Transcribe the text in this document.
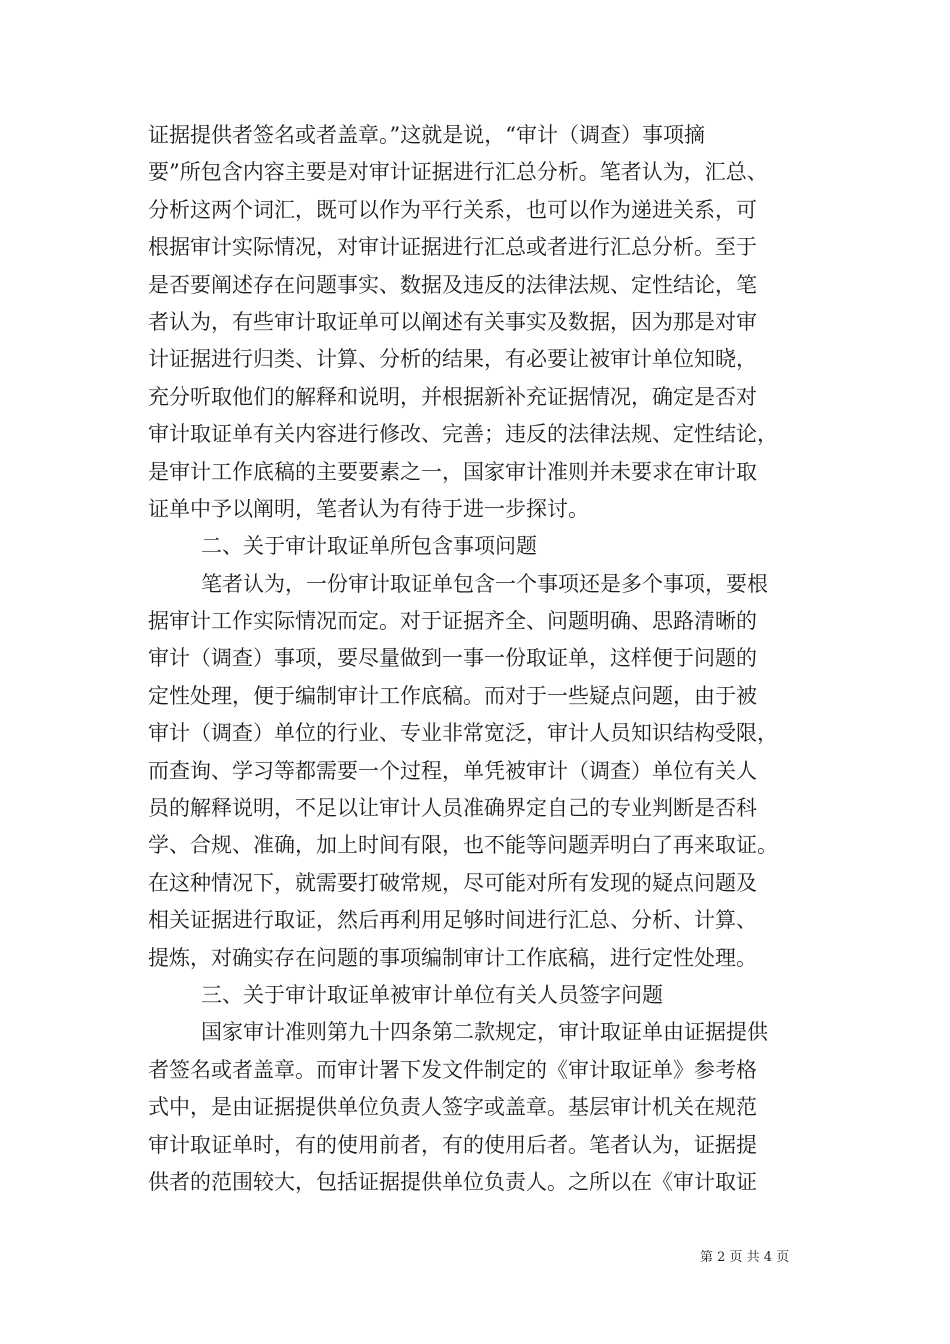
证据提供者签名或者盖章。”这就是说，“审计（调查）事项摘
要”所包含内容主要是对审计证据进行汇总分析。笔者认为，汇总、
分析这两个词汇，既可以作为平行关系，也可以作为递进关系，可
根据审计实际情况，对审计证据进行汇总或者进行汇总分析。至于
是否要阐述存在问题事实、数据及违反的法律法规、定性结论，笔
者认为，有些审计取证单可以阐述有关事实及数据，因为那是对审
计证据进行归类、计算、分析的结果，有必要让被审计单位知晓，
充分听取他们的解释和说明，并根据新补充证据情况，确定是否对
审计取证单有关内容进行修改、完善；违反的法律法规、定性结论，
是审计工作底稿的主要要素之一，国家审计准则并未要求在审计取
证单中予以阐明，笔者认为有待于进一步探讨。
二、关于审计取证单所包含事项问题
笔者认为，一份审计取证单包含一个事项还是多个事项，要根
据审计工作实际情况而定。对于证据齐全、问题明确、思路清晰的
审计（调查）事项，要尽量做到一事一份取证单，这样便于问题的
定性处理，便于编制审计工作底稿。而对于一些疑点问题，由于被
审计（调查）单位的行业、专业非常宽泛，审计人员知识结构受限，
而查询、学习等都需要一个过程，单凭被审计（调查）单位有关人
员的解释说明，不足以让审计人员准确界定自己的专业判断是否科
学、合规、准确，加上时间有限，也不能等问题弄明白了再来取证。
在这种情况下，就需要打破常规，尽可能对所有发现的疑点问题及
相关证据进行取证，然后再利用足够时间进行汇总、分析、计算、
提炼，对确实存在问题的事项编制审计工作底稿，进行定性处理。
三、关于审计取证单被审计单位有关人员签字问题
国家审计准则第九十四条第二款规定，审计取证单由证据提供
者签名或者盖章。而审计署下发文件制定的《审计取证单》参考格
式中，是由证据提供单位负责人签字或盖章。基层审计机关在规范
审计取证单时，有的使用前者，有的使用后者。笔者认为，证据提
供者的范围较大，包括证据提供单位负责人。之所以在《审计取证
第 2 页 共 4 页
